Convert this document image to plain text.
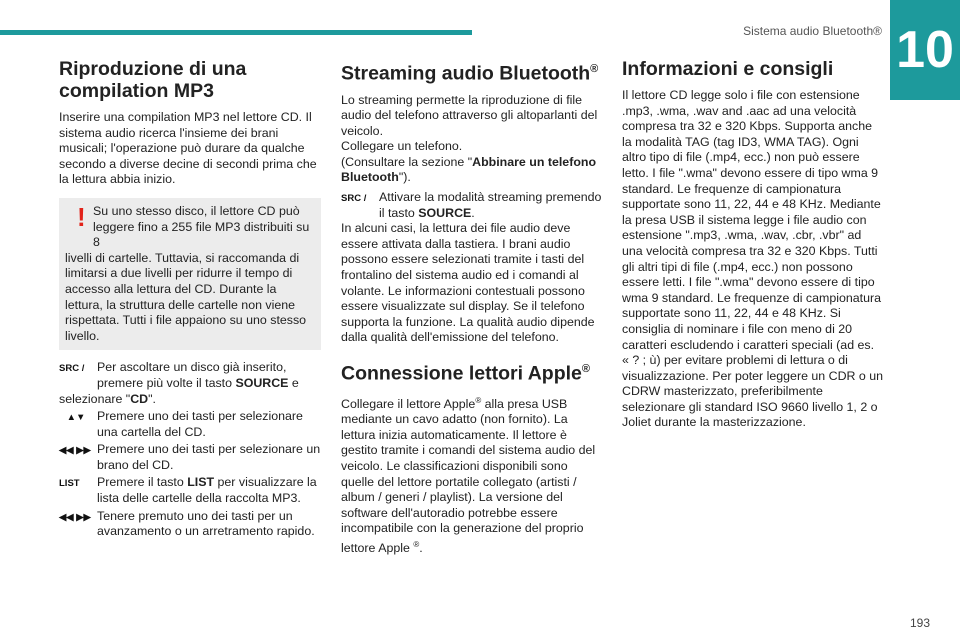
Sistema audio Bluetooth® 10
Riproduzione di una compilation MP3

Inserire una compilation MP3 nel lettore CD. Il sistema audio ricerca l'insieme dei brani musicali; l'operazione può durare da qualche secondo a diverse decine di secondi prima che la lettura abbia inizio.

! Su uno stesso disco, il lettore CD può leggere fino a 255 file MP3 distribuiti su 8

livelli di cartelle. Tuttavia, si raccomanda di limitarsi a due livelli per ridurre il tempo di accesso alla lettura del CD. Durante la lettura, la struttura delle cartelle non viene rispettata. Tutti i file appaiono su uno stesso livello.

SRC /	Per ascoltare un disco già inserito, premere più volte il tasto SOURCE e
selezionare "CD".
▲▼ Premere uno dei tasti per selezionare una cartella del CD.
◀◀ ▶▶ Premere uno dei tasti per selezionare un brano del CD.
LIST	Premere il tasto LIST per visualizzare la lista delle cartelle della raccolta MP3.
◀◀ ▶▶ Tenere premuto uno dei tasti per un avanzamento o un arretramento rapido.
Streaming audio Bluetooth®

Lo streaming permette la riproduzione di file audio del telefono attraverso gli altoparlanti del veicolo.

Collegare un telefono.

(Consultare la sezione "Abbinare un telefono Bluetooth").

SRC /	Attivare la modalità streaming premendo il tasto SOURCE.

In alcuni casi, la lettura dei file audio deve essere attivata dalla tastiera. I brani audio possono essere selezionati tramite i tasti del frontalino del sistema audio ed i comandi al volante. Le informazioni contestuali possono essere visualizzate sul display. Se il telefono supporta la funzione. La qualità audio dipende dalla qualità dell'emissione del telefono.

Connessione lettori Apple®

Collegare il lettore Apple® alla presa USB mediante un cavo adatto (non fornito). La lettura inizia automaticamente. Il lettore è gestito tramite i comandi del sistema audio del veicolo. Le classificazioni disponibili sono quelle del lettore portatile collegato (artisti / album / generi / playlist). La versione del software dell'autoradio potrebbe essere incompatibile con la generazione del proprio lettore Apple ®.

Informazioni e consigli

Il lettore CD legge solo i file con estensione .mp3, .wma, .wav and .aac ad una velocità compresa tra 32 e 320 Kbps. Supporta anche la modalità TAG (tag ID3, WMA TAG). Ogni altro tipo di file (.mp4, ecc.) non può essere letto. I file ".wma" devono essere di tipo wma 9 standard. Le frequenze di campionatura supportate sono 11, 22, 44 e 48 KHz. Mediante la presa USB il sistema legge i file audio con estensione ".mp3, .wma, .wav, .cbr, .vbr" ad una velocità compresa tra 32 e 320 Kbps. Tutti gli altri tipi di file (.mp4, ecc.) non possono essere letti. I file ".wma" devono essere di tipo wma 9 standard. Le frequenze di campionatura supportate sono 11, 22, 44 e 48 KHz. Si consiglia di nominare i file con meno di 20 caratteri escludendo i caratteri speciali (ad es. « ? ; ù) per evitare problemi di lettura o di visualizzazione. Per poter leggere un CDR o un CDRW masterizzato, preferibilmente selezionare gli standard ISO 9660 livello 1, 2 o Joliet durante la masterizzazione.

193
